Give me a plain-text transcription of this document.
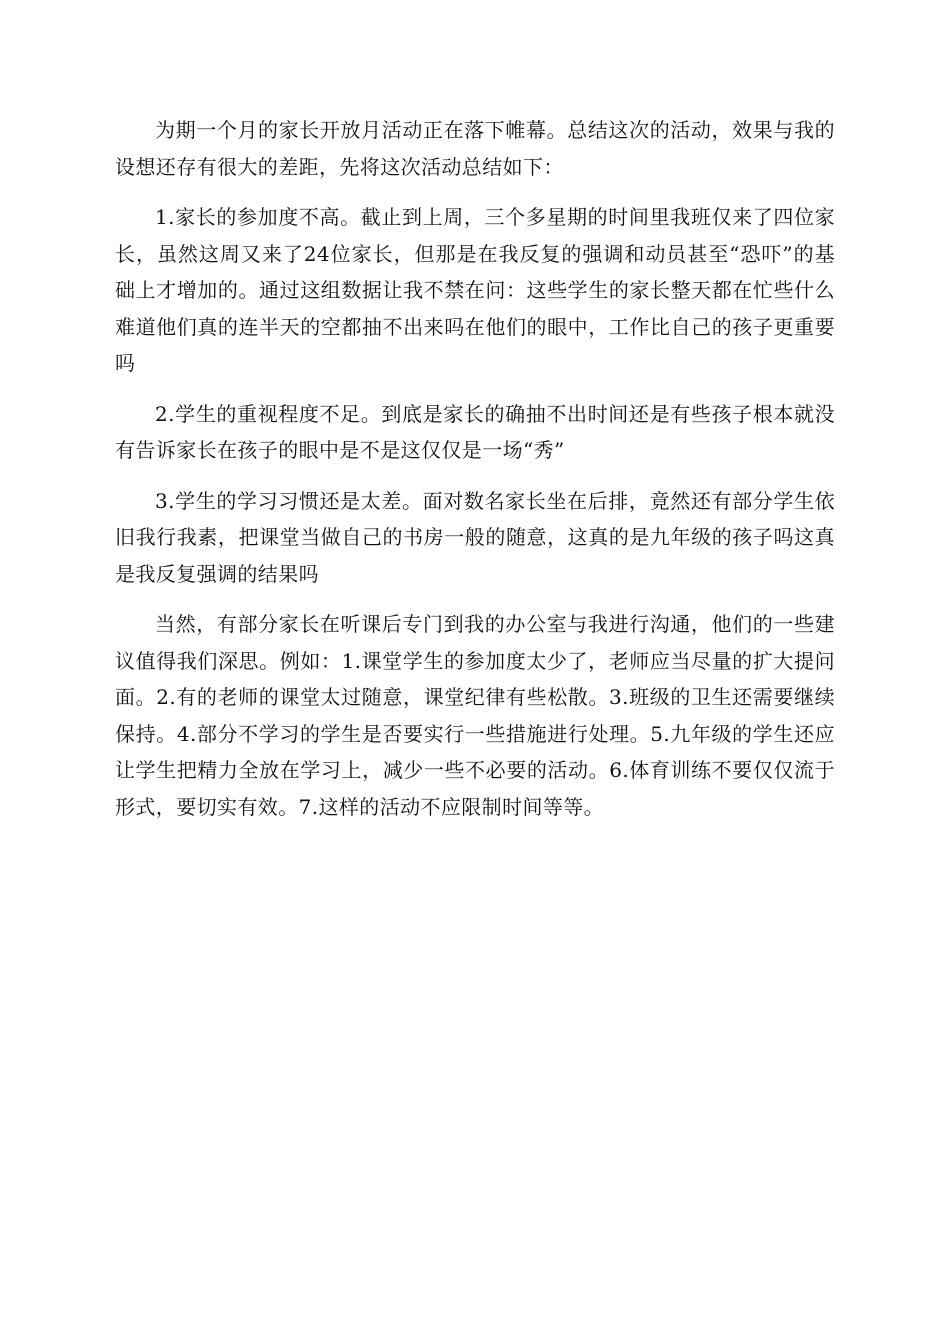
为期一个月的家长开放月活动正在落下帷幕。总结这次的活动，效果与我的设想还存有很大的差距，先将这次活动总结如下：

1.家长的参加度不高。截止到上周，三个多星期的时间里我班仅来了四位家长，虽然这周又来了24位家长，但那是在我反复的强调和动员甚至“恐吓”的基础上才增加的。通过这组数据让我不禁在问：这些学生的家长整天都在忙些什么难道他们真的连半天的空都抽不出来吗在他们的眼中，工作比自己的孩子更重要吗

2.学生的重视程度不足。到底是家长的确抽不出时间还是有些孩子根本就没有告诉家长在孩子的眼中是不是这仅仅是一场“秀”

3.学生的学习习惯还是太差。面对数名家长坐在后排，竟然还有部分学生依旧我行我素，把课堂当做自己的书房一般的随意，这真的是九年级的孩子吗这真是我反复强调的结果吗

当然，有部分家长在听课后专门到我的办公室与我进行沟通，他们的一些建议值得我们深思。例如：1.课堂学生的参加度太少了，老师应当尽量的扩大提问面。2.有的老师的课堂太过随意，课堂纪律有些松散。3.班级的卫生还需要继续保持。4.部分不学习的学生是否要实行一些措施进行处理。5.九年级的学生还应让学生把精力全放在学习上，减少一些不必要的活动。6.体育训练不要仅仅流于形式，要切实有效。7.这样的活动不应限制时间等等。
